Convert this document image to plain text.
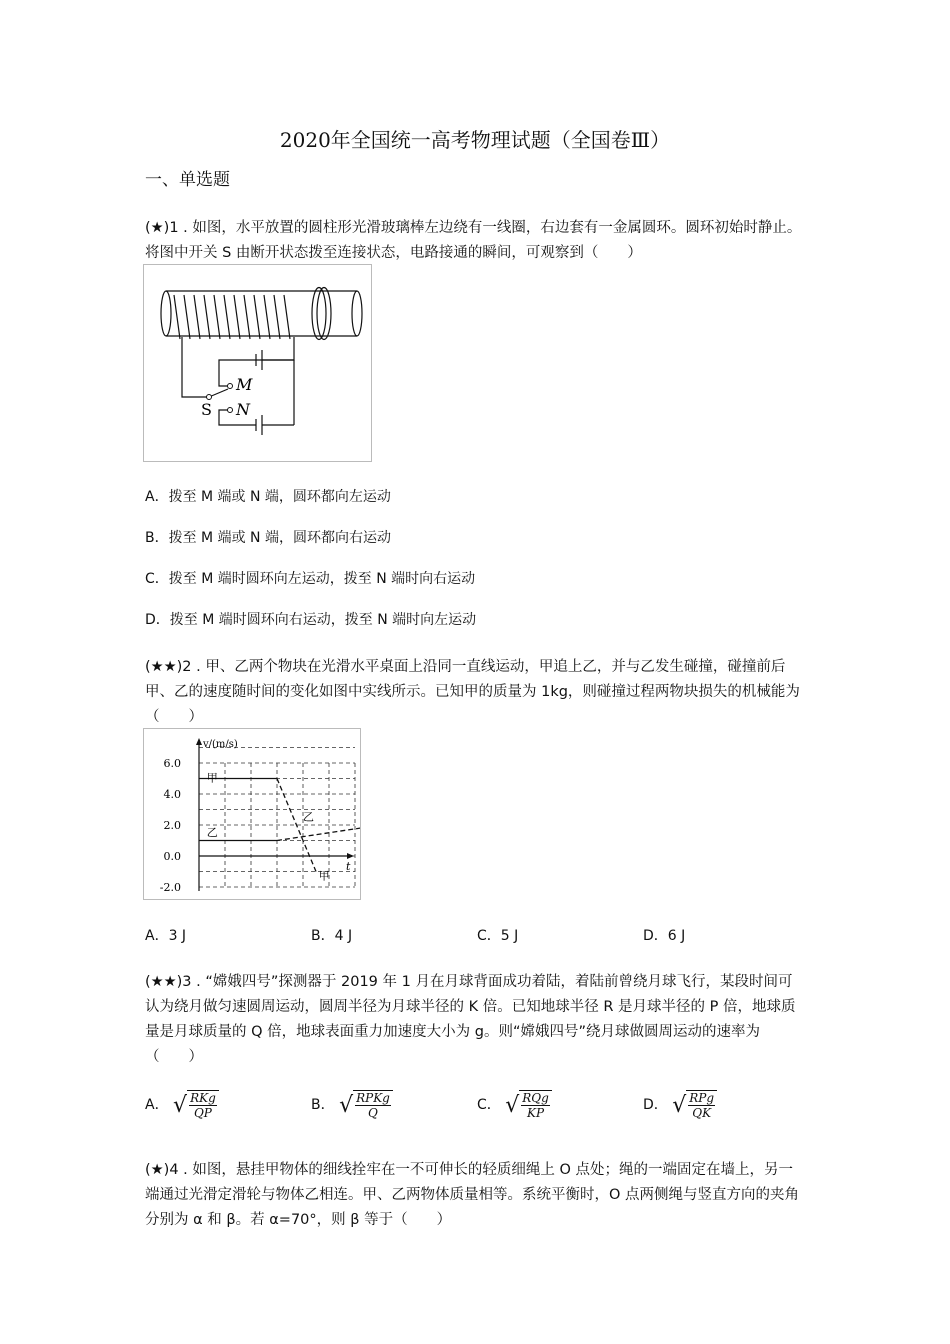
2020年全国统一高考物理试题（全国卷Ⅲ）
一、单选题
(★)1 . 如图，水平放置的圆柱形光滑玻璃棒左边绕有一线圈，右边套有一金属圆环。圆环初始时静止。将图中开关 S 由断开状态拨至连接状态，电路接通的瞬间，可观察到（　　）
M
S N
A．拨至 M 端或 N 端，圆环都向左运动
B．拨至 M 端或 N 端，圆环都向右运动
C．拨至 M 端时圆环向左运动，拨至 N 端时向右运动
D．拨至 M 端时圆环向右运动，拨至 N 端时向左运动
(★★)2 . 甲、乙两个物块在光滑水平桌面上沿同一直线运动，甲追上乙，并与乙发生碰撞，碰撞前后甲、乙的速度随时间的变化如图中实线所示。已知甲的质量为 1kg，则碰撞过程两物块损失的机械能为（　　）
6.0
4.0
2.0
0.0
-2.0
v/(m/s)
t
甲
乙
乙
甲
A．3 J	B．4 J	C．5 J	D．6 J
(★★)3 . “嫦娥四号”探测器于 2019 年 1 月在月球背面成功着陆，着陆前曾绕月球飞行，某段时间可认为绕月做匀速圆周运动，圆周半径为月球半径的 K 倍。已知地球半径 R 是月球半径的 P 倍，地球质量是月球质量的 Q 倍，地球表面重力加速度大小为 g。则“嫦娥四号”绕月球做圆周运动的速率为（　　）
A． √ RKg
QP	B． √ RPKg
Q	C． √ RQg
KP	D． √ RPg
QK
(★)4 . 如图，悬挂甲物体的细线拴牢在一不可伸长的轻质细绳上 O 点处；绳的一端固定在墙上，另一端通过光滑定滑轮与物体乙相连。甲、乙两物体质量相等。系统平衡时，O 点两侧绳与竖直方向的夹角分别为 α 和 β。若 α=70°，则 β 等于（　　）
